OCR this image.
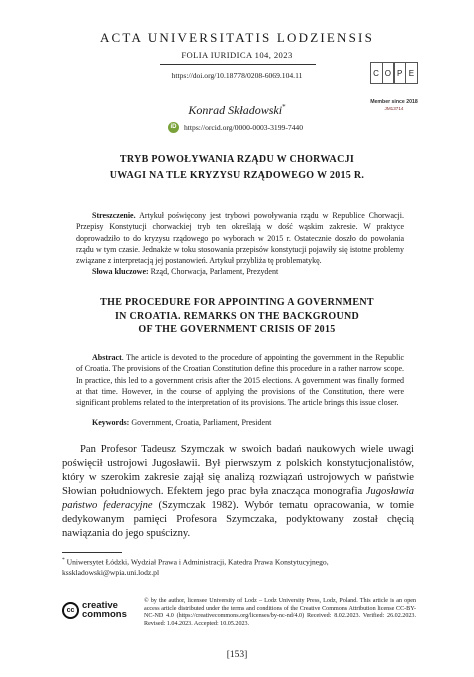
ACTA UNIVERSITATIS LODZIENSIS
FOLIA IURIDICA 104, 2023
https://doi.org/10.18778/0208-6069.104.11	C O P E
Member since 2018
JM13714
Konrad Składowski*
iD https://orcid.org/0000-0003-3199-7440
TRYB POWOŁYWANIA RZĄDU W CHORWACJI
UWAGI NA TLE KRYZYSU RZĄDOWEGO W 2015 R.
Streszczenie. Artykuł poświęcony jest trybowi powoływania rządu w Republice Chorwacji. Przepisy Konstytucji chorwackiej tryb ten określają w dość wąskim zakresie. W praktyce doprowadziło to do kryzysu rządowego po wyborach w 2015 r. Ostatecznie doszło do powołania rządu w tym czasie. Jednakże w toku stosowania przepisów konstytucji pojawiły się istotne problemy związane z interpretacją jej postanowień. Artykuł przybliża tę problematykę.
Słowa kluczowe: Rząd, Chorwacja, Parlament, Prezydent
THE PROCEDURE FOR APPOINTING A GOVERNMENT
IN CROATIA. REMARKS ON THE BACKGROUND
OF THE GOVERNMENT CRISIS OF 2015
Abstract. The article is devoted to the procedure of appointing the government in the Republic of Croatia. The provisions of the Croatian Constitution define this procedure in a rather narrow scope. In practice, this led to a government crisis after the 2015 elections. A government was finally formed at that time. However, in the course of applying the provisions of the Constitution, there were significant problems related to the interpretation of its provisions. The article brings this issue closer.
Keywords: Government, Croatia, Parliament, President
Pan Profesor Tadeusz Szymczak w swoich badań naukowych wiele uwagi poświęcił ustrojowi Jugosławii. Był pierwszym z polskich konstytucjonalistów, który w szerokim zakresie zajął się analizą rozwiązań ustrojowych w państwie Słowian południowych. Efektem jego prac była znacząca monografia Jugosławia państwo federacyjne (Szymczak 1982). Wybór tematu opracowania, w tomie dedykowanym pamięci Profesora Szymczaka, podyktowany został chęcią nawiązania do jego spuścizny.
* Uniwersytet Łódzki, Wydział Prawa i Administracji, Katedra Prawa Konstytucyjnego, ksskladowski@wpia.uni.lodz.pl
cc creative
commons
© by the author, licensee University of Lodz – Lodz University Press, Lodz, Poland. This article is an open access article distributed under the terms and conditions of the Creative Commons Attribution license CC-BY-NC-ND 4.0 (https://creativecommons.org/licenses/by-nc-nd/4.0) Received: 8.02.2023. Verified: 26.02.2023. Revised: 1.04.2023. Accepted: 10.05.2023.
[153]
